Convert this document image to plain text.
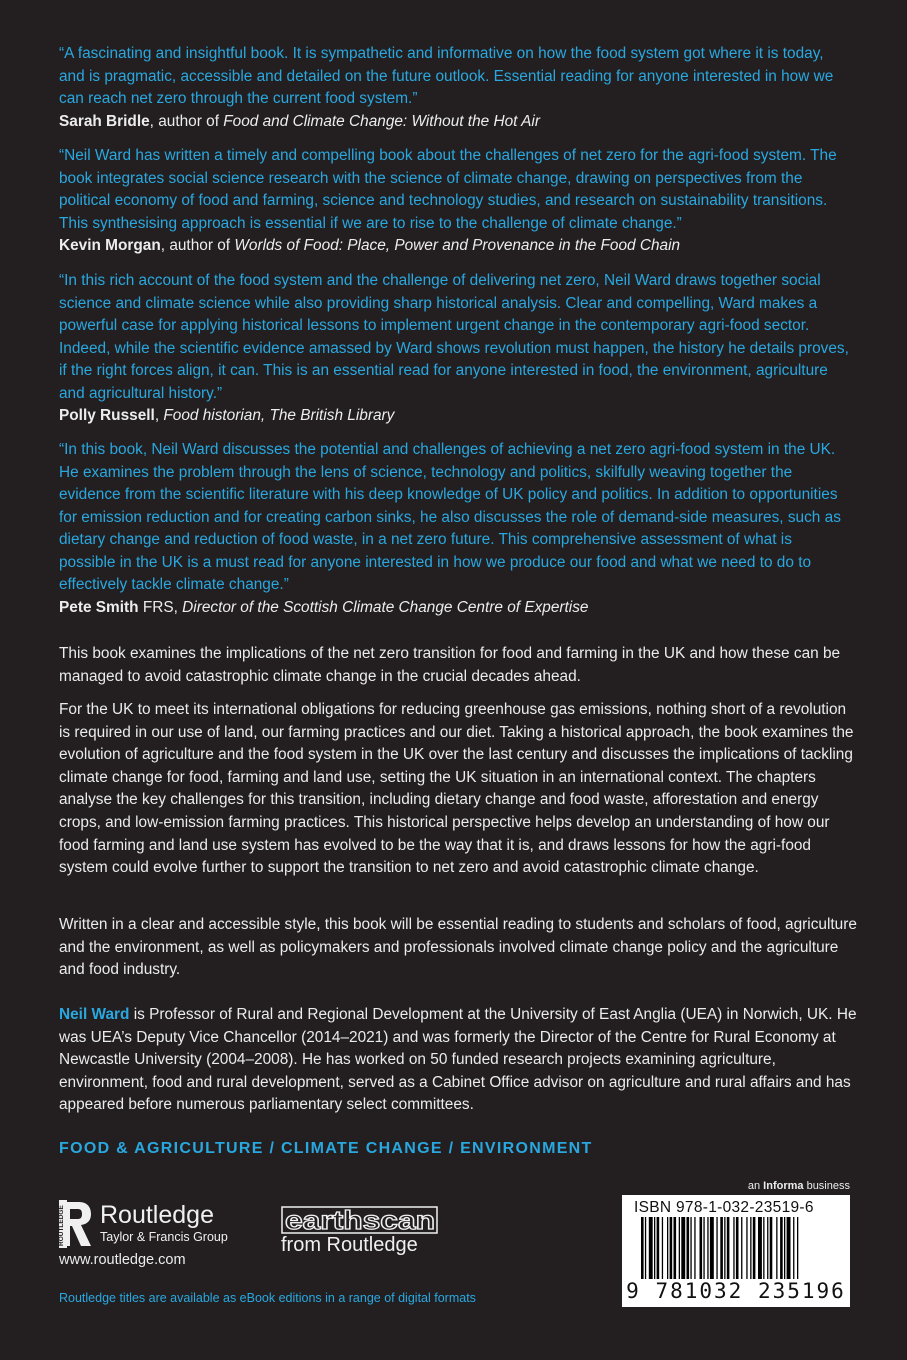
“A fascinating and insightful book. It is sympathetic and informative on how the food system got where it is today, and is pragmatic, accessible and detailed on the future outlook. Essential reading for anyone interested in how we can reach net zero through the current food system.”

Sarah Bridle, author of Food and Climate Change: Without the Hot Air

“Neil Ward has written a timely and compelling book about the challenges of net zero for the agri-food system. The book integrates social science research with the science of climate change, drawing on perspectives from the political economy of food and farming, science and technology studies, and research on sustainability transitions. This synthesising approach is essential if we are to rise to the challenge of climate change.”

Kevin Morgan, author of Worlds of Food: Place, Power and Provenance in the Food Chain

“In this rich account of the food system and the challenge of delivering net zero, Neil Ward draws together social science and climate science while also providing sharp historical analysis. Clear and compelling, Ward makes a powerful case for applying historical lessons to implement urgent change in the contemporary agri-food sector. Indeed, while the scientific evidence amassed by Ward shows revolution must happen, the history he details proves, if the right forces align, it can. This is an essential read for anyone interested in food, the environment, agriculture and agricultural history.”

Polly Russell, Food historian, The British Library

“In this book, Neil Ward discusses the potential and challenges of achieving a net zero agri-food system in the UK. He examines the problem through the lens of science, technology and politics, skilfully weaving together the evidence from the scientific literature with his deep knowledge of UK policy and politics. In addition to opportunities for emission reduction and for creating carbon sinks, he also discusses the role of demand-side measures, such as dietary change and reduction of food waste, in a net zero future. This comprehensive assessment of what is possible in the UK is a must read for anyone interested in how we produce our food and what we need to do to effectively tackle climate change.”

Pete Smith FRS, Director of the Scottish Climate Change Centre of Expertise

This book examines the implications of the net zero transition for food and farming in the UK and how these can be managed to avoid catastrophic climate change in the crucial decades ahead.

For the UK to meet its international obligations for reducing greenhouse gas emissions, nothing short of a revolution is required in our use of land, our farming practices and our diet. Taking a historical approach, the book examines the evolution of agriculture and the food system in the UK over the last century and discusses the implications of tackling climate change for food, farming and land use, setting the UK situation in an international context. The chapters analyse the key challenges for this transition, including dietary change and food waste, afforestation and energy crops, and low-emission farming practices. This historical perspective helps develop an understanding of how our food farming and land use system has evolved to be the way that it is, and draws lessons for how the agri-food system could evolve further to support the transition to net zero and avoid catastrophic climate change.

Written in a clear and accessible style, this book will be essential reading to students and scholars of food, agriculture and the environment, as well as policymakers and professionals involved climate change policy and the agriculture and food industry.

Neil Ward is Professor of Rural and Regional Development at the University of East Anglia (UEA) in Norwich, UK. He was UEA’s Deputy Vice Chancellor (2014–2021) and was formerly the Director of the Centre for Rural Economy at Newcastle University (2004–2008). He has worked on 50 funded research projects examining agriculture, environment, food and rural development, served as a Cabinet Office advisor on agriculture and rural affairs and has appeared before numerous parliamentary select committees.

FOOD & AGRICULTURE / CLIMATE CHANGE / ENVIRONMENT
an Informa business
ROUTLEDGE Routledge
Taylor & Francis Group
earthscan
from Routledge
www.routledge.com
Routledge titles are available as eBook editions in a range of digital formats
ISBN 978-1-032-23519-6
9 781032 235196
